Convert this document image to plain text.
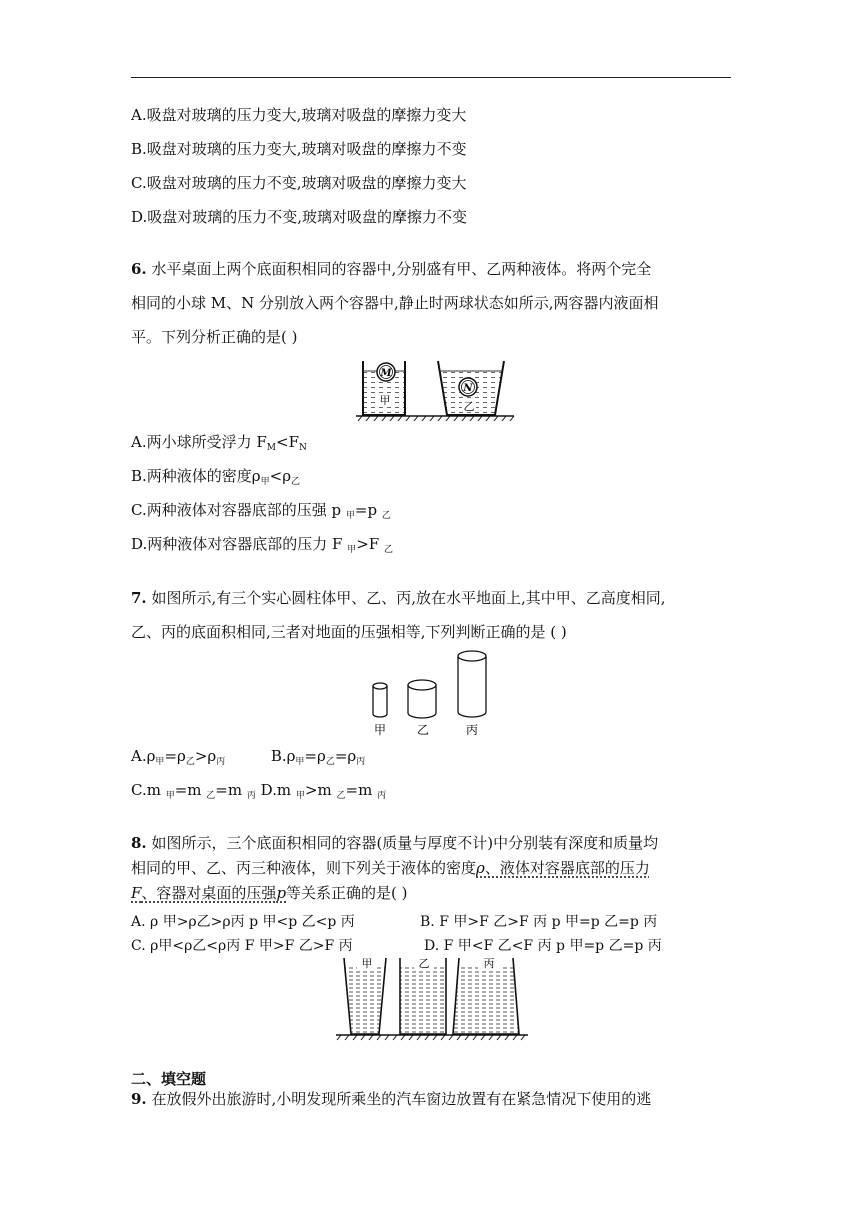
A.吸盘对玻璃的压力变大,玻璃对吸盘的摩擦力变大
B.吸盘对玻璃的压力变大,玻璃对吸盘的摩擦力不变
C.吸盘对玻璃的压力不变,玻璃对吸盘的摩擦力变大
D.吸盘对玻璃的压力不变,玻璃对吸盘的摩擦力不变
6. 水平桌面上两个底面积相同的容器中,分别盛有甲、乙两种液体。将两个完全
相同的小球 M、N 分别放入两个容器中,静止时两球状态如所示,两容器内液面相
平。下列分析正确的是( )
M
甲
N
乙
A.两小球所受浮力 $F_M<F_N$
B.两种液体的密度$\rho_甲<\rho_乙$
C.两种液体对容器底部的压强 p $_甲$=p $_乙$
D.两种液体对容器底部的压力 F $_甲$>F $_乙$
7. 如图所示,有三个实心圆柱体甲、乙、丙,放在水平地面上,其中甲、乙高度相同,
乙、丙的底面积相同,三者对地面的压强相等,下列判断正确的是 ( )
甲	乙	丙
$A.\rho_甲=\rho_乙>\rho_丙$	$B.\rho_甲=\rho_乙=\rho_丙$
C.m $_甲$=m $_乙$=m $_丙$ D.m $_甲$>m $_乙$=m $_丙$
8. 如图所示，三个底面积相同的容器(质量与厚度不计)中分别装有深度和质量均
相同的甲、乙、丙三种液体，则下列关于液体的密度ρ、液体对容器底部的压力
F、容器对桌面的压强p等关系正确的是( )
A. ρ 甲>ρ乙>ρ丙 p 甲<p 乙<p 丙	B. F 甲>F 乙>F 丙 p 甲=p 乙=p 丙
C. ρ甲<ρ乙<ρ丙 F 甲>F 乙>F 丙	D. F 甲<F 乙<F 丙 p 甲=p 乙=p 丙
甲	乙	丙
二、填空题
9. 在放假外出旅游时,小明发现所乘坐的汽车窗边放置有在紧急情况下使用的逃
